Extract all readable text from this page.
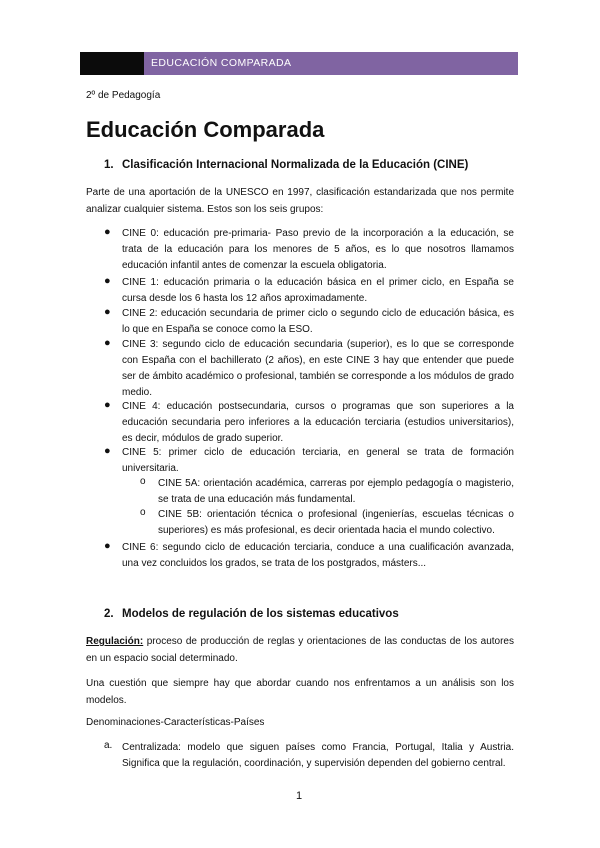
EDUCACIÓN COMPARADA
2º de Pedagogía
Educación Comparada
1. Clasificación Internacional Normalizada de la Educación (CINE)
Parte de una aportación de la UNESCO en 1997, clasificación estandarizada que nos permite analizar cualquier sistema. Estos son los seis grupos:
● CINE 0: educación pre-primaria- Paso previo de la incorporación a la educación, se trata de la educación para los menores de 5 años, es lo que nosotros llamamos educación infantil antes de comenzar la escuela obligatoria.
● CINE 1: educación primaria o la educación básica en el primer ciclo, en España se cursa desde los 6 hasta los 12 años aproximadamente.
● CINE 2: educación secundaria de primer ciclo o segundo ciclo de educación básica, es lo que en España se conoce como la ESO.
● CINE 3: segundo ciclo de educación secundaria (superior), es lo que se corresponde con España con el bachillerato (2 años), en este CINE 3 hay que entender que puede ser de ámbito académico o profesional, también se corresponde a los módulos de grado medio.
● CINE 4: educación postsecundaria, cursos o programas que son superiores a la educación secundaria pero inferiores a la educación terciaria (estudios universitarios), es decir, módulos de grado superior.
● CINE 5: primer ciclo de educación terciaria, en general se trata de formación universitaria.
o CINE 5A: orientación académica, carreras por ejemplo pedagogía o magisterio, se trata de una educación más fundamental.
o CINE 5B: orientación técnica o profesional (ingenierías, escuelas técnicas o superiores) es más profesional, es decir orientada hacia el mundo colectivo.
● CINE 6: segundo ciclo de educación terciaria, conduce a una cualificación avanzada, una vez concluidos los grados, se trata de los postgrados, másters...
2. Modelos de regulación de los sistemas educativos
Regulación: proceso de producción de reglas y orientaciones de las conductas de los autores en un espacio social determinado.
Una cuestión que siempre hay que abordar cuando nos enfrentamos a un análisis son los modelos.
Denominaciones-Características-Países
a. Centralizada: modelo que siguen países como Francia, Portugal, Italia y Austria. Significa que la regulación, coordinación, y supervisión dependen del gobierno central.
1
